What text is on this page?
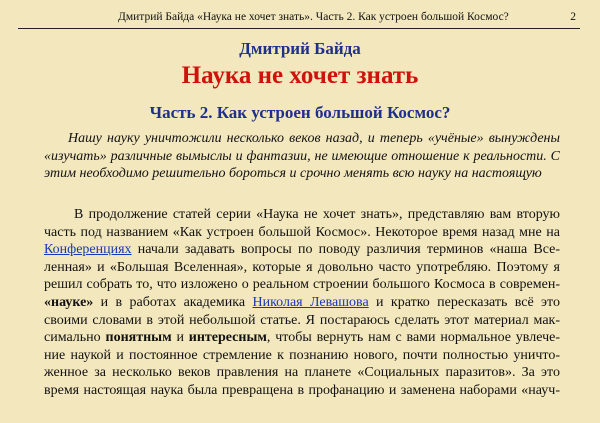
Дмитрий Байда «Наука не хочет знать». Часть 2. Как устроен большой Космос?	2
Дмитрий Байда
Наука не хочет знать
Часть 2. Как устроен большой Космос?
Нашу науку уничтожили несколько веков назад, и теперь «учёные» вынуждены
«изучать» различные вымыслы и фантазии, не имеющие отношение к реальности. С
этим необходимо решительно бороться и срочно менять всю науку на настоящую
В продолжение статей серии «Наука не хочет знать», представляю вам вторую
часть под названием «Как устроен большой Космос». Некоторое время назад мне на
Конференциях начали задавать вопросы по поводу различия терминов «наша Все-
ленная» и «Большая Вселенная», которые я довольно часто употребляю. Поэтому я
решил собрать то, что изложено о реальном строении большого Космоса в современ-
«науке» и в работах академика Николая Левашова и кратко пересказать всё это
своими словами в этой небольшой статье. Я постараюсь сделать этот материал мак-
симально понятным и интересным, чтобы вернуть нам с вами нормальное увлече-
ние наукой и постоянное стремление к познанию нового, почти полностью уничто-
женное за несколько веков правления на планете «Социальных паразитов». За это
время настоящая наука была превращена в профанацию и заменена наборами «науч-
